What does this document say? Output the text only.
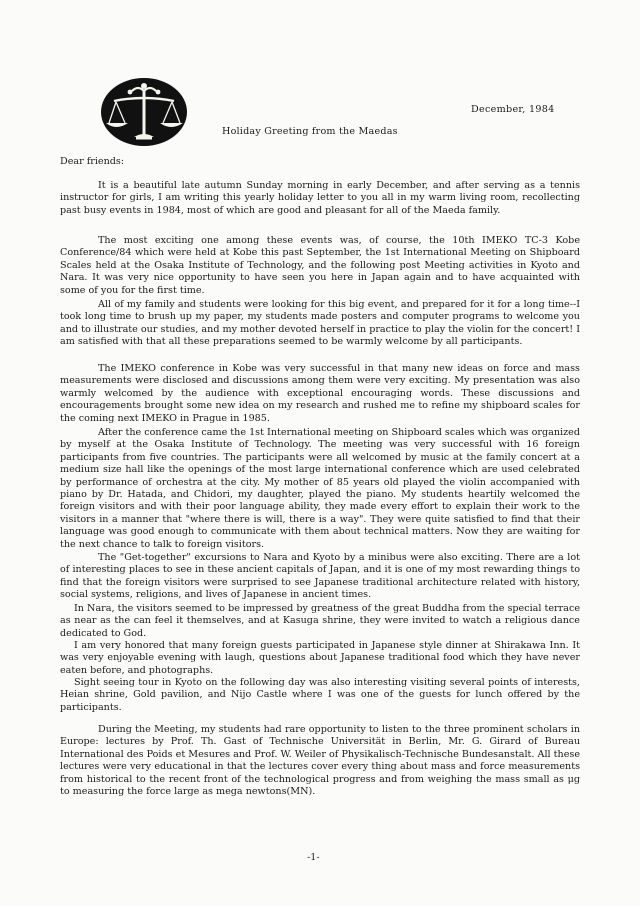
December, 1984
Holiday Greeting from the Maedas
Dear friends:

It is a beautiful late autumn Sunday morning in early December, and after serving as a tennis instructor for girls, I am writing this yearly holiday letter to you all in my warm living room, recollecting past busy events in 1984, most of which are good and pleasant for all of the Maeda family.

The most exciting one among these events was, of course, the 10th IMEKO TC-3 Kobe Conference/84 which were held at Kobe this past September, the 1st International Meeting on Shipboard Scales held at the Osaka Institute of Technology, and the following post Meeting activities in Kyoto and Nara. It was very nice opportunity to have seen you here in Japan again and to have acquainted with some of you for the first time.

All of my family and students were looking for this big event, and prepared for it for a long time--I took long time to brush up my paper, my students made posters and computer programs to welcome you and to illustrate our studies, and my mother devoted herself in practice to play the violin for the concert! I am satisfied with that all these preparations seemed to be warmly welcome by all participants.

The IMEKO conference in Kobe was very successful in that many new ideas on force and mass measurements were disclosed and discussions among them were very exciting. My presentation was also warmly welcomed by the audience with exceptional encouraging words. These discussions and encouragements brought some new idea on my research and rushed me to refine my shipboard scales for the coming next IMEKO in Prague in 1985.

After the conference came the 1st International meeting on Shipboard scales which was organized by myself at the Osaka Institute of Technology. The meeting was very successful with 16 foreign participants from five countries. The participants were all welcomed by music at the family concert at a medium size hall like the openings of the most large international conference which are used celebrated by performance of orchestra at the city. My mother of 85 years old played the violin accompanied with piano by Dr. Hatada, and Chidori, my daughter, played the piano. My students heartily welcomed the foreign visitors and with their poor language ability, they made every effort to explain their work to the visitors in a manner that "where there is will, there is a way". They were quite satisfied to find that their language was good enough to communicate with them about technical matters. Now they are waiting for the next chance to talk to foreign visitors.

The "Get-together" excursions to Nara and Kyoto by a minibus were also exciting. There are a lot of interesting places to see in these ancient capitals of Japan, and it is one of my most rewarding things to find that the foreign visitors were surprised to see Japanese traditional architecture related with history, social systems, religions, and lives of Japanese in ancient times.

In Nara, the visitors seemed to be impressed by greatness of the great Buddha from the special terrace as near as the can feel it themselves, and at Kasuga shrine, they were invited to watch a religious dance dedicated to God.

I am very honored that many foreign guests participated in Japanese style dinner at Shirakawa Inn. It was very enjoyable evening with laugh, questions about Japanese traditional food which they have never eaten before, and photographs.

Sight seeing tour in Kyoto on the following day was also interesting visiting several points of interests, Heian shrine, Gold pavilion, and Nijo Castle where I was one of the guests for lunch offered by the participants.

During the Meeting, my students had rare opportunity to listen to the three prominent scholars in Europe: lectures by Prof. Th. Gast of Technische Universität in Berlin, Mr. G. Girard of Bureau International des Poids et Mesures and Prof. W. Weiler of Physikalisch-Technische Bundesanstalt. All these lectures were very educational in that the lectures cover every thing about mass and force measurements from historical to the recent front of the technological progress and from weighing the mass small as μg to measuring the force large as mega newtons(MN).

-1-
